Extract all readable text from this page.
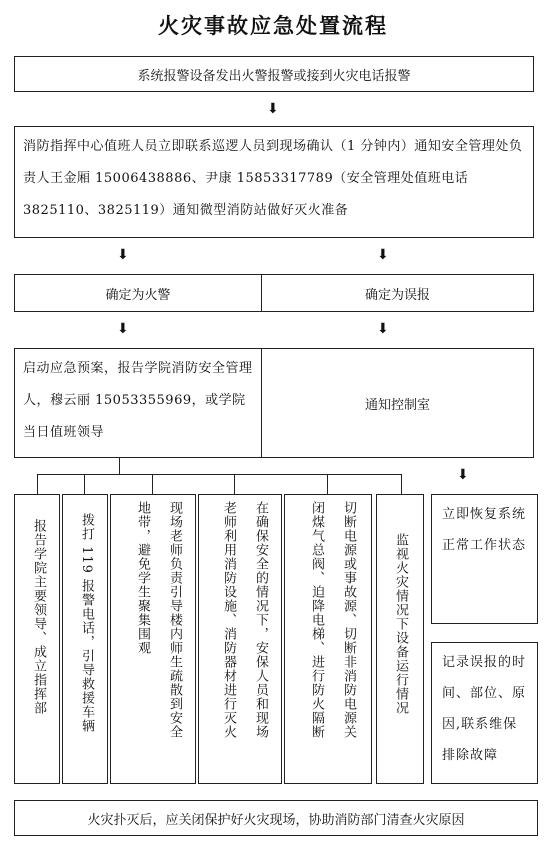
火灾事故应急处置流程
系统报警设备发出火警报警或接到火灾电话报警
⬇
消防指挥中心值班人员立即联系巡逻人员到现场确认（1 分钟内）通知安全管理处负责人王金厢 15006438886、尹康 15853317789（安全管理处值班电话 3825110、3825119）通知微型消防站做好灭火准备
⬇	⬇
确定为火警	确定为误报
⬇	⬇
启动应急预案，报告学院消防安全管理人，穆云丽 15053355969，或学院当日值班领导
通知控制室
报告学院主要领导、成立指挥部	拨打 119 报警电话，引导救援车辆	现场老师负责引导楼内师生疏散到安全
地带，避免学生聚集围观	在确保安全的情况下，安保人员和现场
老师利用消防设施、消防器材进行灭火	切断电源或事故源、切断非消防电源关
闭煤气总阀、迫降电梯、进行防火隔断	监视火灾情况下设备运行情况
⬇
立即恢复系统正常工作状态
记录误报的时间、部位、原因,联系维保排除故障
火灾扑灭后，应关闭保护好火灾现场，协助消防部门清查火灾原因
